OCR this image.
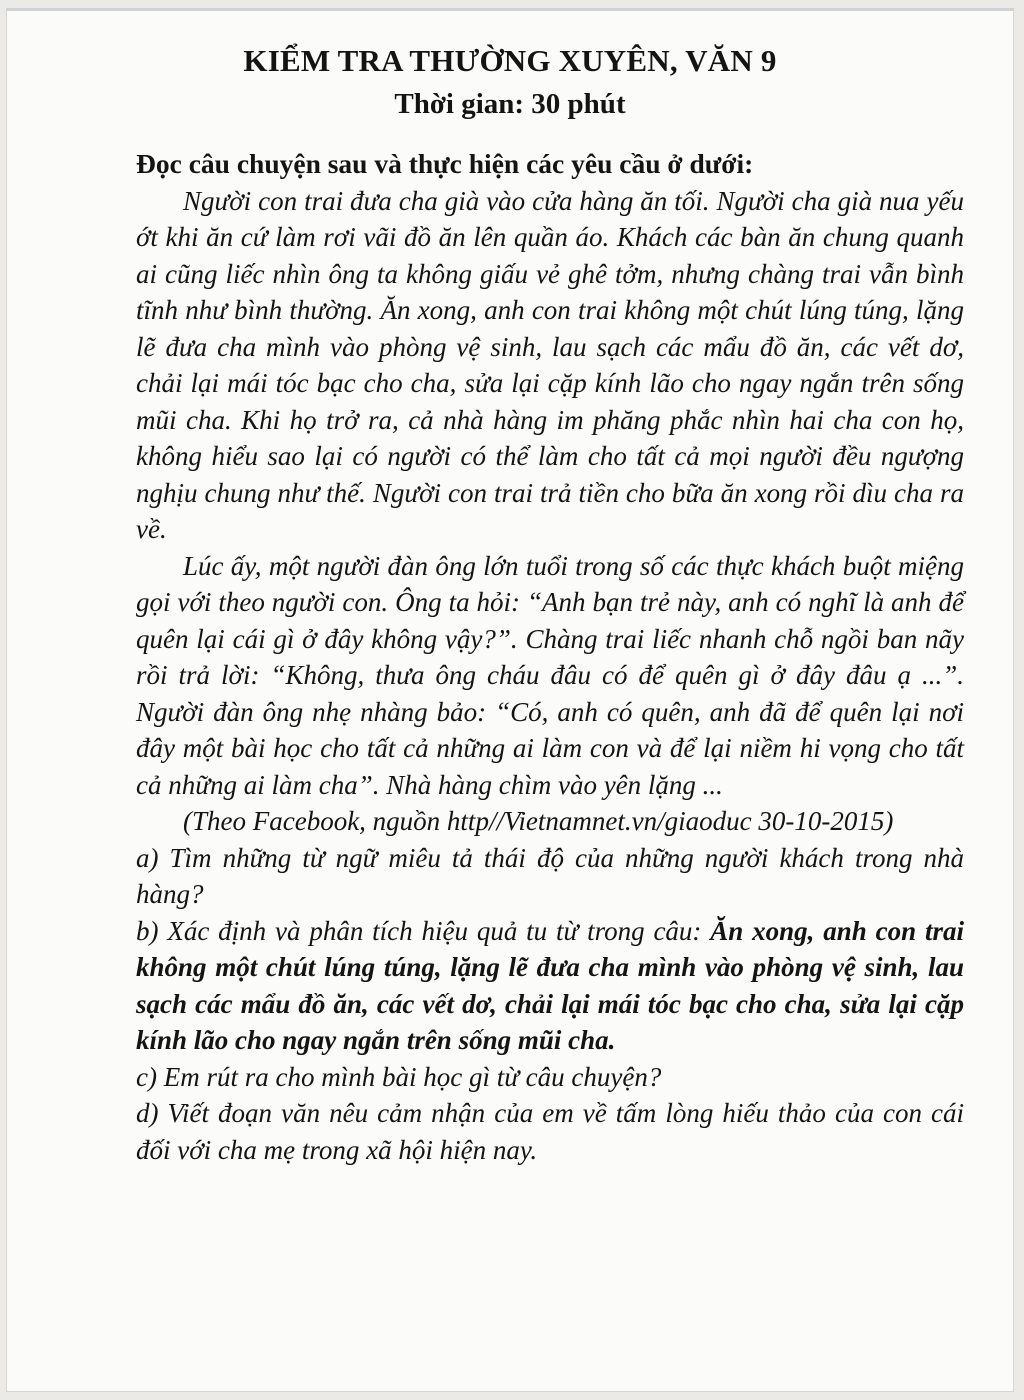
KIỂM TRA THƯỜNG XUYÊN, VĂN 9
Thời gian: 30 phút

Đọc câu chuyện sau và thực hiện các yêu cầu ở dưới:

Người con trai đưa cha già vào cửa hàng ăn tối. Người cha già nua yếu ớt khi ăn cứ làm rơi vãi đồ ăn lên quần áo. Khách các bàn ăn chung quanh ai cũng liếc nhìn ông ta không giấu vẻ ghê tởm, nhưng chàng trai vẫn bình tĩnh như bình thường. Ăn xong, anh con trai không một chút lúng túng, lặng lẽ đưa cha mình vào phòng vệ sinh, lau sạch các mẩu đồ ăn, các vết dơ, chải lại mái tóc bạc cho cha, sửa lại cặp kính lão cho ngay ngắn trên sống mũi cha. Khi họ trở ra, cả nhà hàng im phăng phắc nhìn hai cha con họ, không hiểu sao lại có người có thể làm cho tất cả mọi người đều ngượng nghịu chung như thế. Người con trai trả tiền cho bữa ăn xong rồi dìu cha ra về.

Lúc ấy, một người đàn ông lớn tuổi trong số các thực khách buột miệng gọi với theo người con. Ông ta hỏi: “Anh bạn trẻ này, anh có nghĩ là anh để quên lại cái gì ở đây không vậy?”. Chàng trai liếc nhanh chỗ ngồi ban nãy rồi trả lời: “Không, thưa ông cháu đâu có để quên gì ở đây đâu ạ ...”. Người đàn ông nhẹ nhàng bảo: “Có, anh có quên, anh đã để quên lại nơi đây một bài học cho tất cả những ai làm con và để lại niềm hi vọng cho tất cả những ai làm cha”. Nhà hàng chìm vào yên lặng ...

(Theo Facebook, nguồn http//Vietnamnet.vn/giaoduc 30-10-2015)

a) Tìm những từ ngữ miêu tả thái độ của những người khách trong nhà hàng?

b) Xác định và phân tích hiệu quả tu từ trong câu: Ăn xong, anh con trai không một chút lúng túng, lặng lẽ đưa cha mình vào phòng vệ sinh, lau sạch các mẩu đồ ăn, các vết dơ, chải lại mái tóc bạc cho cha, sửa lại cặp kính lão cho ngay ngắn trên sống mũi cha.

c) Em rút ra cho mình bài học gì từ câu chuyện?

d) Viết đoạn văn nêu cảm nhận của em về tấm lòng hiếu thảo của con cái đối với cha mẹ trong xã hội hiện nay.
